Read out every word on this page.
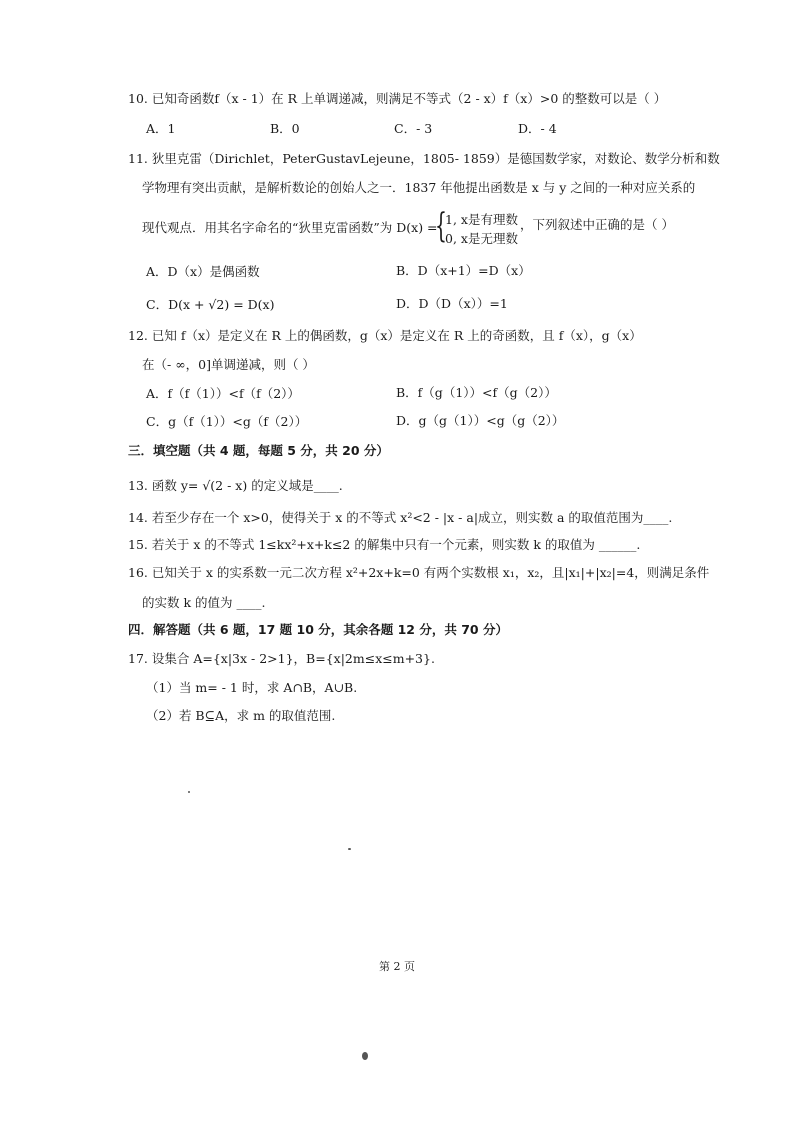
10. 已知奇函数f（x - 1）在 R 上单调递减，则满足不等式（2 - x）f（x）>0 的整数可以是（ ）
A．1	B．0	C．- 3	D．- 4
11. 狄里克雷（Dirichlet，PeterGustavLejeune，1805- 1859）是德国数学家，对数论、数学分析和数
学物理有突出贡献，是解析数论的创始人之一．1837 年他提出函数是 x 与 y 之间的一种对应关系的
现代观点．用其名字命名的“狄里克雷函数”为 D(x) =
{
1, x是有理数
0, x是无理数
，下列叙述中正确的是（ ）
A．D（x）是偶函数	B．D（x+1）=D（x）
C．D(x + √2) = D(x)	D．D（D（x））=1
12. 已知 f（x）是定义在 R 上的偶函数，g（x）是定义在 R 上的奇函数，且 f（x），g（x）
在（- ∞，0]单调递减，则（ ）
A．f（f（1））<f（f（2））	B．f（g（1））<f（g（2））
C．g（f（1））<g（f（2））	D．g（g（1））<g（g（2））
三．填空题（共 4 题，每题 5 分，共 20 分）
13. 函数 y= √(2 - x) 的定义域是____.
14. 若至少存在一个 x>0，使得关于 x 的不等式 x²<2 - |x - a|成立，则实数 a 的取值范围为____.
15. 若关于 x 的不等式 1≤kx²+x+k≤2 的解集中只有一个元素，则实数 k 的取值为 ______.
16. 已知关于 x 的实系数一元二次方程 x²+2x+k=0 有两个实数根 x₁，x₂，且|x₁|+|x₂|=4，则满足条件
的实数 k 的值为 ____.
四．解答题（共 6 题，17 题 10 分，其余各题 12 分，共 70 分）
17. 设集合 A={x|3x - 2>1}，B={x|2m≤x≤m+3}.
（1）当 m= - 1 时，求 A∩B，A∪B.
（2）若 B⊆A，求 m 的取值范围.
第 2 页
